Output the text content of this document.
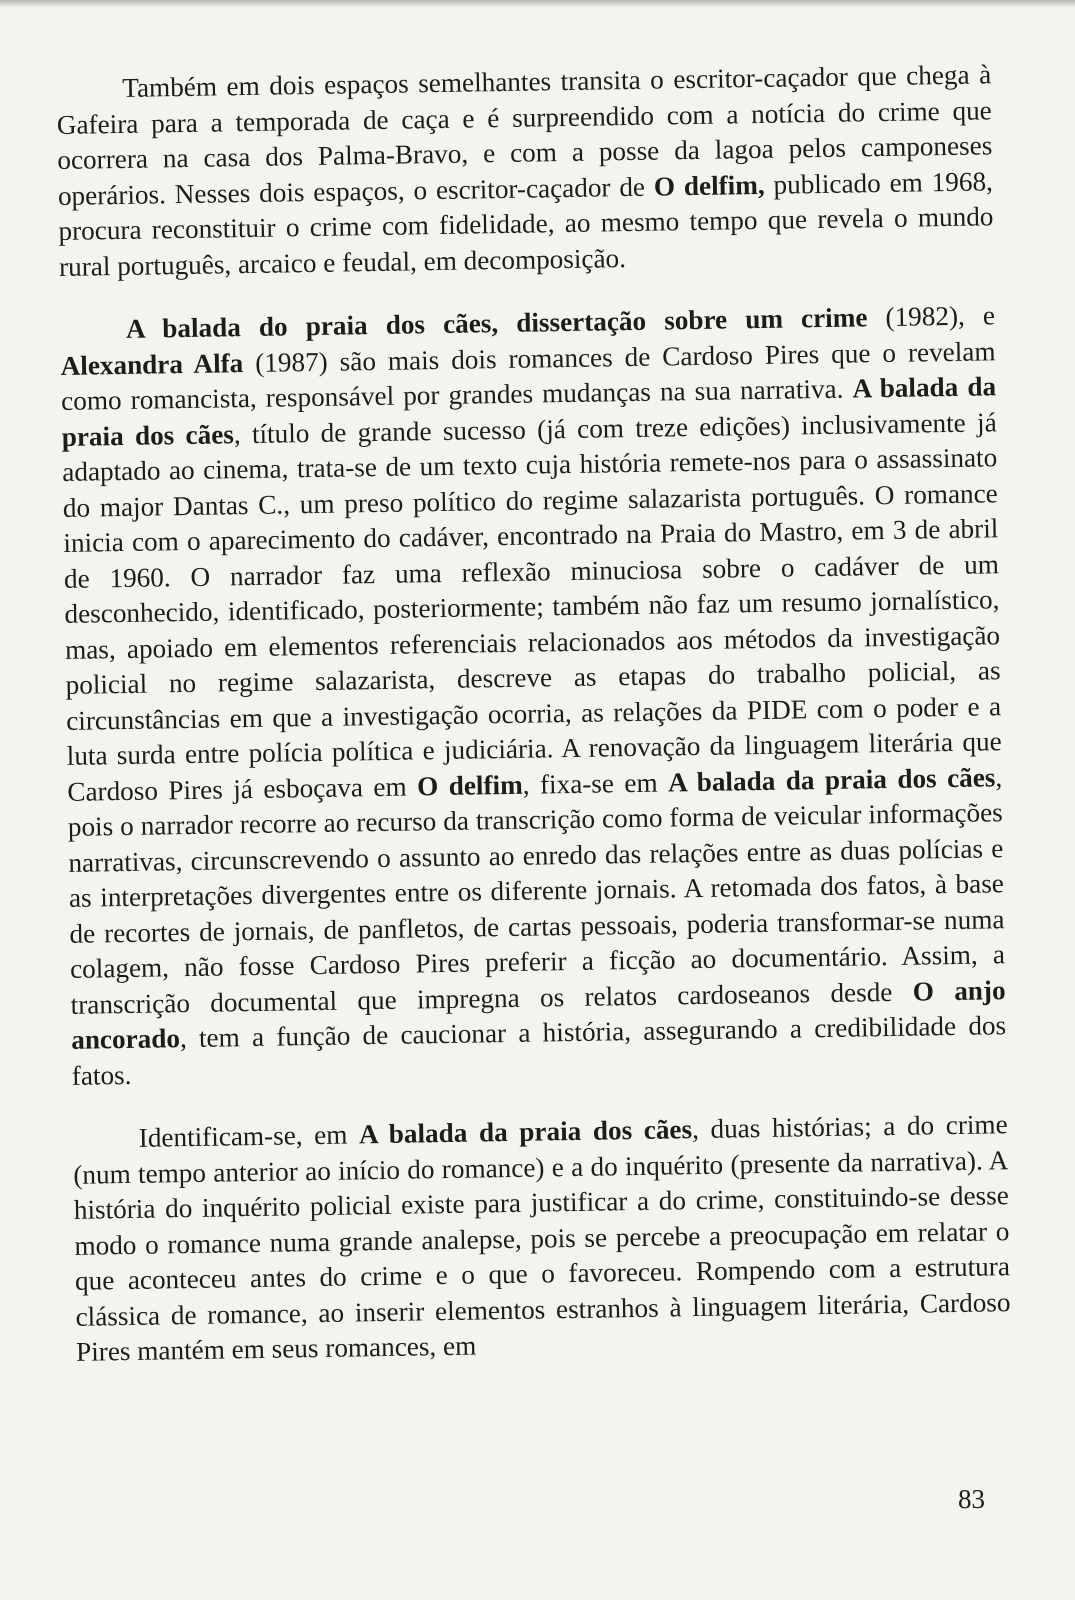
Também em dois espaços semelhantes transita o escritor-caçador que chega à Gafeira para a temporada de caça e é surpreendido com a notícia do crime que ocorrera na casa dos Palma-Bravo, e com a posse da lagoa pelos camponeses operários. Nesses dois espaços, o escritor-caçador de O delfim, publicado em 1968, procura reconstituir o crime com fidelidade, ao mesmo tempo que revela o mundo rural português, arcaico e feudal, em decomposição.

A balada do praia dos cães, dissertação sobre um crime (1982), e Alexandra Alfa (1987) são mais dois romances de Cardoso Pires que o revelam como romancista, responsável por grandes mudanças na sua narrativa. A balada da praia dos cães, título de grande sucesso (já com treze edições) inclusivamente já adaptado ao cinema, trata-se de um texto cuja história remete-nos para o assassinato do major Dantas C., um preso político do regime salazarista português. O romance inicia com o aparecimento do cadáver, encontrado na Praia do Mastro, em 3 de abril de 1960. O narrador faz uma reflexão minuciosa sobre o cadáver de um desconhecido, identificado, posteriormente; também não faz um resumo jornalístico, mas, apoiado em elementos referenciais relacionados aos métodos da investigação policial no regime salazarista, descreve as etapas do trabalho policial, as circunstâncias em que a investigação ocorria, as relações da PIDE com o poder e a luta surda entre polícia política e judiciária. A renovação da linguagem literária que Cardoso Pires já esboçava em O delfim, fixa-se em A balada da praia dos cães, pois o narrador recorre ao recurso da transcrição como forma de veicular informações narrativas, circunscrevendo o assunto ao enredo das relações entre as duas polícias e as interpretações divergentes entre os diferente jornais. A retomada dos fatos, à base de recortes de jornais, de panfletos, de cartas pessoais, poderia transformar-se numa colagem, não fosse Cardoso Pires preferir a ficção ao documentário. Assim, a transcrição documental que impregna os relatos cardoseanos desde O anjo ancorado, tem a função de caucionar a história, assegurando a credibilidade dos fatos.

Identificam-se, em A balada da praia dos cães, duas histórias; a do crime (num tempo anterior ao início do romance) e a do inquérito (presente da narrativa). A história do inquérito policial existe para justificar a do crime, constituindo-se desse modo o romance numa grande analepse, pois se percebe a preocupação em relatar o que aconteceu antes do crime e o que o favoreceu. Rompendo com a estrutura clássica de romance, ao inserir elementos estranhos à linguagem literária, Cardoso Pires mantém em seus romances, em

83
